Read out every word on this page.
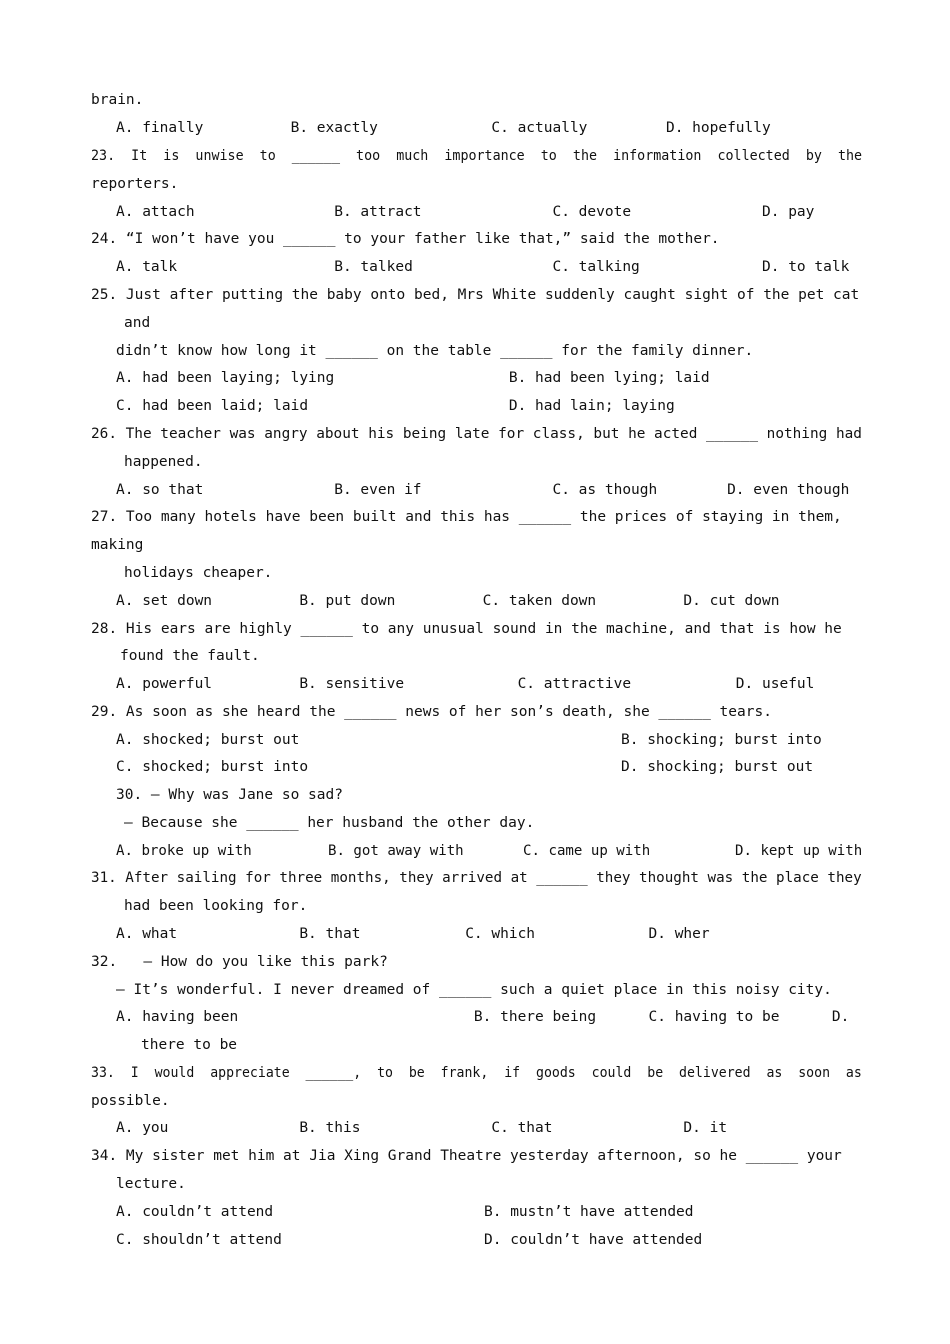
brain.
A. finally          B. exactly             C. actually         D. hopefully
23.  It  is  unwise  to  ______  too  much  importance  to  the  information  collected  by  the
reporters.
A. attach                B. attract               C. devote               D. pay
24. “I won’t have you ______ to your father like that,” said the mother.
A. talk                  B. talked                C. talking              D. to talk
25. Just after putting the baby onto bed, Mrs White suddenly caught sight of the pet cat
and
didn’t know how long it ______ on the table ______ for the family dinner.
A. had been laying; lying                    B. had been lying; laid
C. had been laid; laid                       D. had lain; laying
26. The teacher was angry about his being late for class, but he acted ______ nothing had
happened.
A. so that               B. even if               C. as though        D. even though
27. Too many hotels have been built and this has ______ the prices of staying in them,
making
holidays cheaper.
A. set down          B. put down          C. taken down          D. cut down
28. His ears are highly ______ to any unusual sound in the machine, and that is how he
found the fault.
A. powerful          B. sensitive             C. attractive            D. useful
29. As soon as she heard the ______ news of her son’s death, she ______ tears.
A. shocked; burst out	B. shocking; burst into
C. shocked; burst into	D. shocking; burst out
30. — Why was Jane so sad?
— Because she ______ her husband the other day.
A. broke up with         B. got away with       C. came up with          D. kept up with
31. After sailing for three months, they arrived at ______ they thought was the place they
had been looking for.
A. what              B. that            C. which             D. wher
32.   — How do you like this park?
— It’s wonderful. I never dreamed of ______ such a quiet place in this noisy city.
A. having been                           B. there being      C. having to be      D.
there to be
33.  I  would  appreciate  ______,  to  be  frank,  if  goods  could  be  delivered  as  soon  as
possible.
A. you               B. this               C. that               D. it
34. My sister met him at Jia Xing Grand Theatre yesterday afternoon, so he ______ your
lecture.
A. couldn’t attend	B. mustn’t have attended
C. shouldn’t attend	D. couldn’t have attended
